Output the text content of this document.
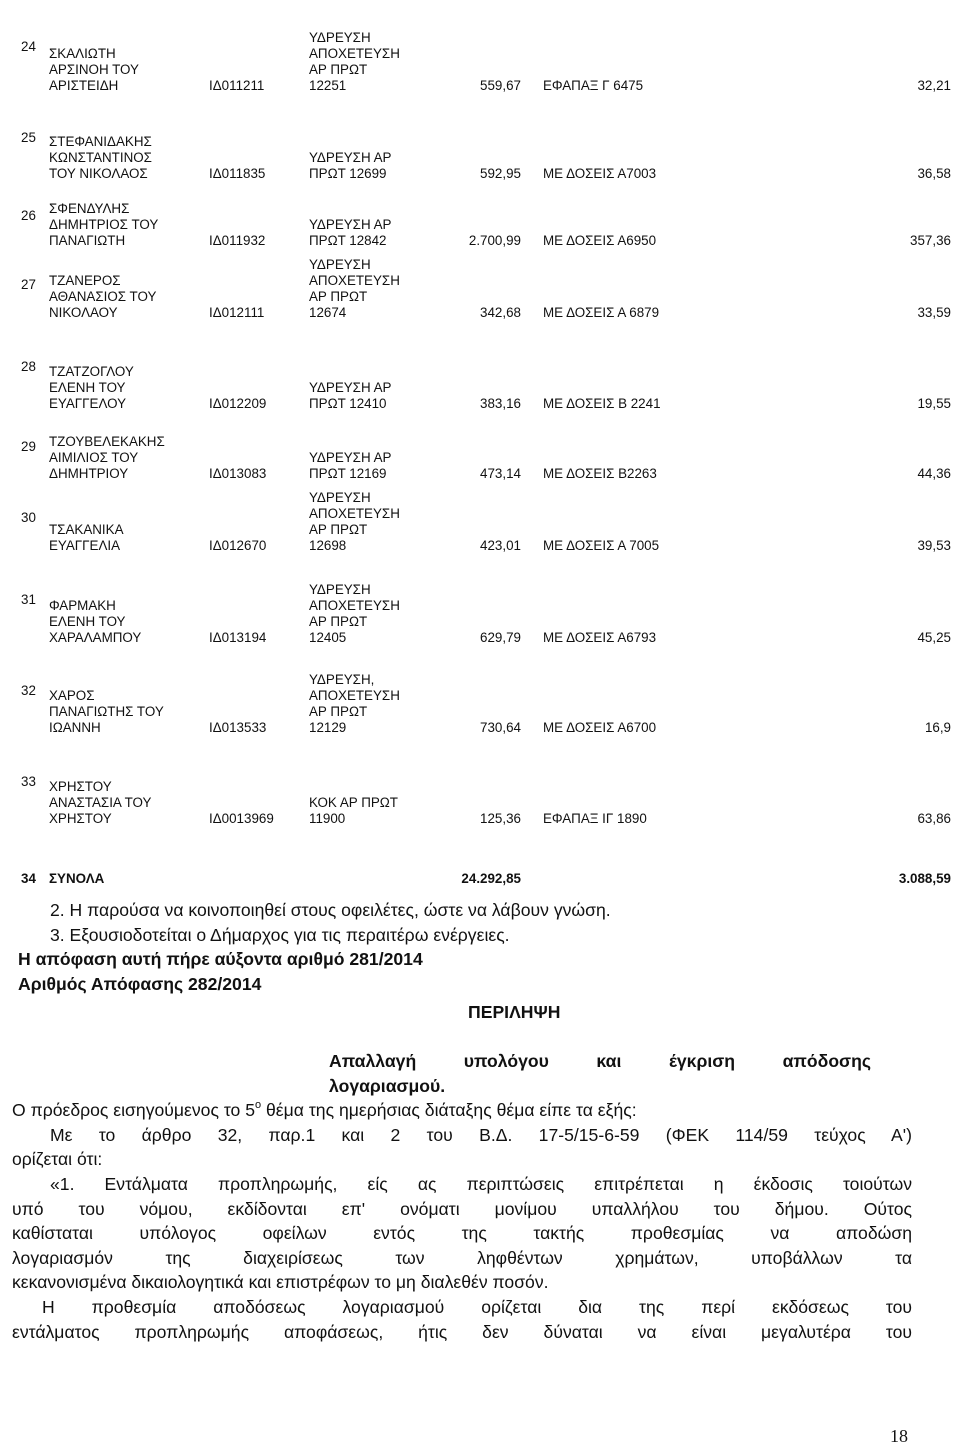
24	ΣΚΑΛΙΩΤΗ
ΑΡΣΙΝΟΗ ΤΟΥ
ΑΡΙΣΤΕΙΔΗ	ΙΔ011211	ΥΔΡΕΥΣΗ
ΑΠΟΧΕΤΕΥΣΗ
ΑΡ ΠΡΩΤ
12251	559,67	ΕΦΑΠΑΞ Γ 6475	32,21
25	ΣΤΕΦΑΝΙΔΑΚΗΣ
ΚΩΝΣΤΑΝΤΙΝΟΣ
ΤΟΥ ΝΙΚΟΛΑΟΣ	ΙΔ011835	ΥΔΡΕΥΣΗ ΑΡ
ΠΡΩΤ 12699	592,95	ΜΕ ΔΟΣΕΙΣ Α7003	36,58
26	ΣΦΕΝΔΥΛΗΣ
ΔΗΜΗΤΡΙΟΣ ΤΟΥ
ΠΑΝΑΓΙΩΤΗ	ΙΔ011932	ΥΔΡΕΥΣΗ ΑΡ
ΠΡΩΤ 12842	2.700,99	ΜΕ ΔΟΣΕΙΣ Α6950	357,36
27	ΤΖΑΝΕΡΟΣ
ΑΘΑΝΑΣΙΟΣ ΤΟΥ
ΝΙΚΟΛΑΟΥ	ΙΔ012111	ΥΔΡΕΥΣΗ
ΑΠΟΧΕΤΕΥΣΗ
ΑΡ ΠΡΩΤ
12674	342,68	ΜΕ ΔΟΣΕΙΣ Α 6879	33,59
28	ΤΖΑΤΖΟΓΛΟΥ
ΕΛΕΝΗ ΤΟΥ
ΕΥΑΓΓΕΛΟΥ	ΙΔ012209	ΥΔΡΕΥΣΗ ΑΡ
ΠΡΩΤ 12410	383,16	ΜΕ ΔΟΣΕΙΣ Β 2241	19,55
29	ΤΖΟΥΒΕΛΕΚΑΚΗΣ
ΑΙΜΙΛΙΟΣ ΤΟΥ
ΔΗΜΗΤΡΙΟΥ	ΙΔ013083	ΥΔΡΕΥΣΗ ΑΡ
ΠΡΩΤ 12169	473,14	ΜΕ ΔΟΣΕΙΣ Β2263	44,36
30	ΤΣΑΚΑΝΙΚΑ
ΕΥΑΓΓΕΛΙΑ	ΙΔ012670	ΥΔΡΕΥΣΗ
ΑΠΟΧΕΤΕΥΣΗ
ΑΡ ΠΡΩΤ
12698	423,01	ΜΕ ΔΟΣΕΙΣ Α 7005	39,53
31	ΦΑΡΜΑΚΗ
ΕΛΕΝΗ ΤΟΥ
ΧΑΡΑΛΑΜΠΟΥ	ΙΔ013194	ΥΔΡΕΥΣΗ
ΑΠΟΧΕΤΕΥΣΗ
ΑΡ ΠΡΩΤ
12405	629,79	ΜΕ ΔΟΣΕΙΣ Α6793	45,25
32	ΧΑΡΟΣ
ΠΑΝΑΓΙΩΤΗΣ ΤΟΥ
ΙΩΑΝΝΗ	ΙΔ013533	ΥΔΡΕΥΣΗ,
ΑΠΟΧΕΤΕΥΣΗ
ΑΡ ΠΡΩΤ
12129	730,64	ΜΕ ΔΟΣΕΙΣ Α6700	16,9
33	ΧΡΗΣΤΟΥ
ΑΝΑΣΤΑΣΙΑ ΤΟΥ
ΧΡΗΣΤΟΥ	ΙΔ0013969	ΚΟΚ ΑΡ ΠΡΩΤ
11900	125,36	ΕΦΑΠΑΞ ΙΓ 1890	63,86
34	ΣΥΝΟΛΑ			24.292,85		3.088,59

2. Η παρούσα να κοινοποιηθεί στους οφειλέτες, ώστε να λάβουν γνώση.

3. Εξουσιοδοτείται ο Δήμαρχος για τις περαιτέρω ενέργειες.

Η απόφαση αυτή πήρε αύξοντα αριθμό 281/2014

Αριθμός Απόφασης 282/2014

ΠΕΡΙΛΗΨΗ

Απαλλαγή υπολόγου και έγκριση απόδοσης

λογαριασμού.

Ο πρόεδρος εισηγούμενος το $5^o$ θέμα της ημερήσιας διάταξης θέμα είπε τα εξής:

Με το άρθρο 32, παρ.1 και 2 του Β.Δ. 17-5/15-6-59 (ΦΕΚ 114/59 τεύχος Α')

ορίζεται ότι:

«1. Εντάλματα προπληρωμής, είς ας περιπτώσεις επιτρέπεται η έκδοσις τοιούτων

υπό του νόμου, εκδίδονται επ' ονόματι μονίμου υπαλλήλου του δήμου. Ούτος

καθίσταται υπόλογος οφείλων εντός της τακτής προθεσμίας να αποδώση

λογαριασμόν της διαχειρίσεως των ληφθέντων χρημάτων, υποβάλλων τα

κεκανονισμένα δικαιολογητικά και επιστρέφων το μη διαλεθέν ποσόν.

Η προθεσμία αποδόσεως λογαριασμού ορίζεται δια της περί εκδόσεως του

εντάλματος προπληρωμής αποφάσεως, ήτις δεν δύναται να είναι μεγαλυτέρα του

18
